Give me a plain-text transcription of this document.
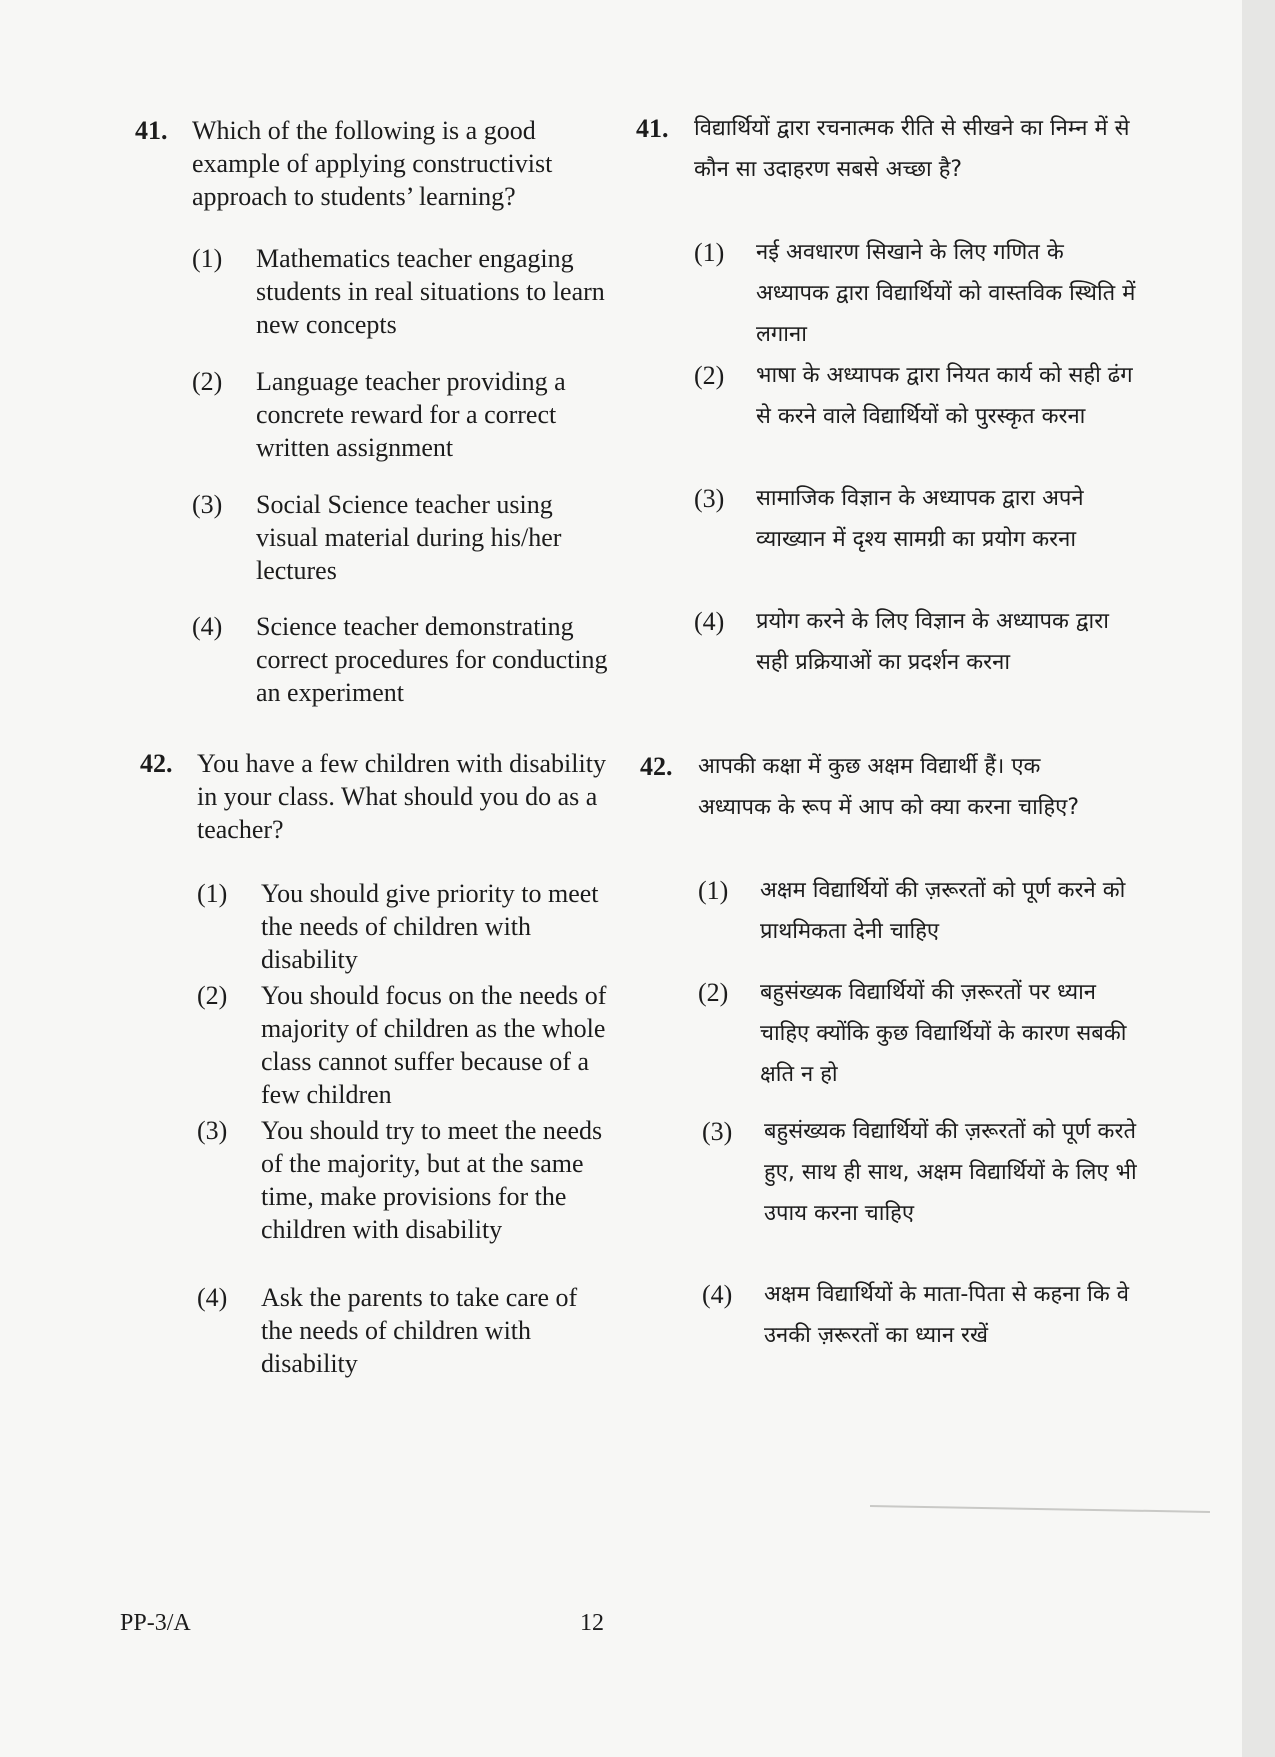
41. Which of the following is a good example of applying constructivist approach to students’ learning?
(1) Mathematics teacher engaging students in real situations to learn new concepts
(2) Language teacher providing a concrete reward for a correct written assignment
(3) Social Science teacher using visual material during his/her lectures
(4) Science teacher demonstrating correct procedures for conducting an experiment
41. विद्यार्थियों द्वारा रचनात्मक रीति से सीखने का निम्न में से कौन सा उदाहरण सबसे अच्छा है?
(1) नई अवधारण सिखाने के लिए गणित के अध्यापक द्वारा विद्यार्थियों को वास्तविक स्थिति में लगाना
(2) भाषा के अध्यापक द्वारा नियत कार्य को सही ढंग से करने वाले विद्यार्थियों को पुरस्कृत करना
(3) सामाजिक विज्ञान के अध्यापक द्वारा अपने व्याख्यान में दृश्य सामग्री का प्रयोग करना
(4) प्रयोग करने के लिए विज्ञान के अध्यापक द्वारा सही प्रक्रियाओं का प्रदर्शन करना
42. You have a few children with disability in your class. What should you do as a teacher?
(1) You should give priority to meet the needs of children with disability
(2) You should focus on the needs of majority of children as the whole class cannot suffer because of a few children
(3) You should try to meet the needs of the majority, but at the same time, make provisions for the children with disability
(4) Ask the parents to take care of the needs of children with disability
42. आपकी कक्षा में कुछ अक्षम विद्यार्थी हैं। एक अध्यापक के रूप में आप को क्या करना चाहिए?
(1) अक्षम विद्यार्थियों की ज़रूरतों को पूर्ण करने को प्राथमिकता देनी चाहिए
(2) बहुसंख्यक विद्यार्थियों की ज़रूरतों पर ध्यान चाहिए क्योंकि कुछ विद्यार्थियों के कारण सबकी क्षति न हो
(3) बहुसंख्यक विद्यार्थियों की ज़रूरतों को पूर्ण करते हुए, साथ ही साथ, अक्षम विद्यार्थियों के लिए भी उपाय करना चाहिए
(4) अक्षम विद्यार्थियों के माता-पिता से कहना कि वे उनकी ज़रूरतों का ध्यान रखें
PP-3/A	12
